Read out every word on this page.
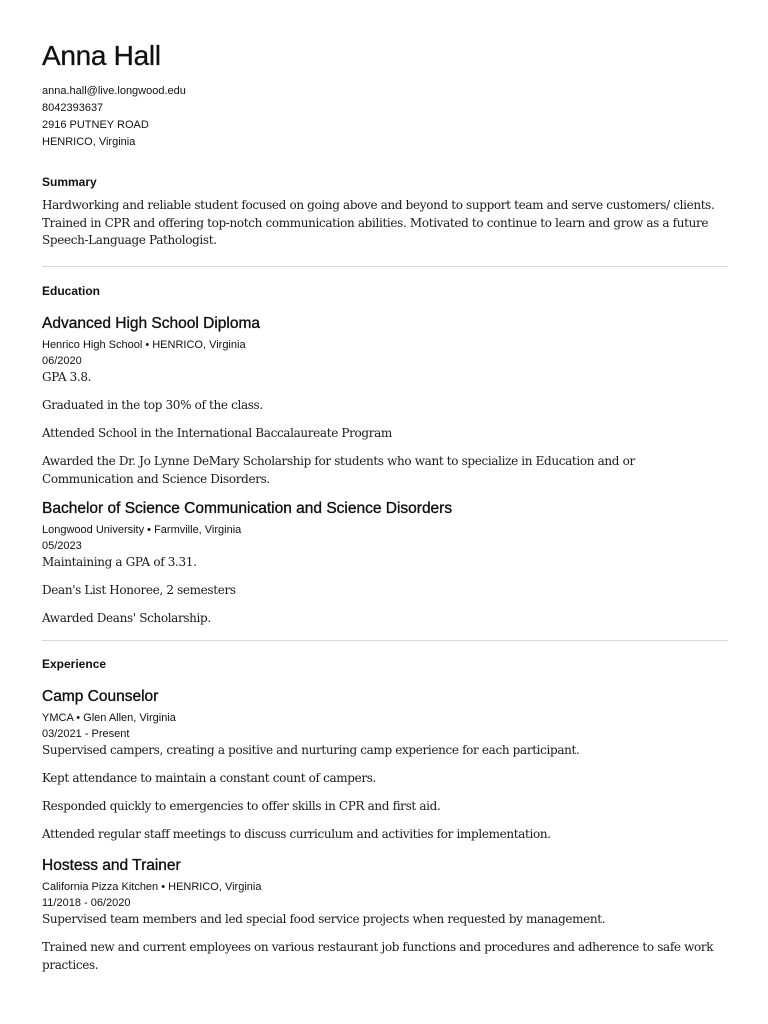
Anna Hall
anna.hall@live.longwood.edu
8042393637
2916 PUTNEY ROAD
HENRICO, Virginia
Summary
Hardworking and reliable student focused on going above and beyond to support team and serve customers/ clients. Trained in CPR and offering top-notch communication abilities. Motivated to continue to learn and grow as a future Speech-Language Pathologist.
Education
Advanced High School Diploma
Henrico High School • HENRICO, Virginia
06/2020
GPA 3.8.
Graduated in the top 30% of the class.
Attended School in the International Baccalaureate Program
Awarded the Dr. Jo Lynne DeMary Scholarship for students who want to specialize in Education and or Communication and Science Disorders.
Bachelor of Science Communication and Science Disorders
Longwood University • Farmville, Virginia
05/2023
Maintaining a GPA of 3.31.
Dean's List Honoree, 2 semesters
Awarded Deans' Scholarship.
Experience
Camp Counselor
YMCA • Glen Allen, Virginia
03/2021 - Present
Supervised campers, creating a positive and nurturing camp experience for each participant.
Kept attendance to maintain a constant count of campers.
Responded quickly to emergencies to offer skills in CPR and first aid.
Attended regular staff meetings to discuss curriculum and activities for implementation.
Hostess and Trainer
California Pizza Kitchen • HENRICO, Virginia
11/2018 - 06/2020
Supervised team members and led special food service projects when requested by management.
Trained new and current employees on various restaurant job functions and procedures and adherence to safe work practices.
